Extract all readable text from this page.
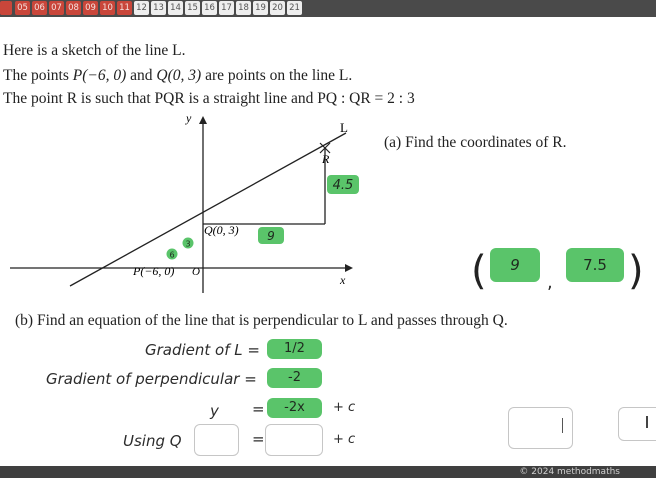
05 06 07 08 09 10 11 12 13 14 15 16 17 18 19 20 21
Here is a sketch of the line L.
The points P(−6, 0) and Q(0, 3) are points on the line L.
The point R is such that PQR is a straight line and PQ : QR = 2 : 3
y
x
L
R
Q(0, 3)
P(−6, 0) O
4.5
9
3
6
(a) Find the coordinates of R.
(	9
,
7.5 )
(b) Find an equation of the line that is perpendicular to L and passes through Q.
Gradient of L =	1/2
Gradient of perpendicular =	-2
y =	-2x	+ c
Using Q	=	+ c
© 2024 methodmaths
